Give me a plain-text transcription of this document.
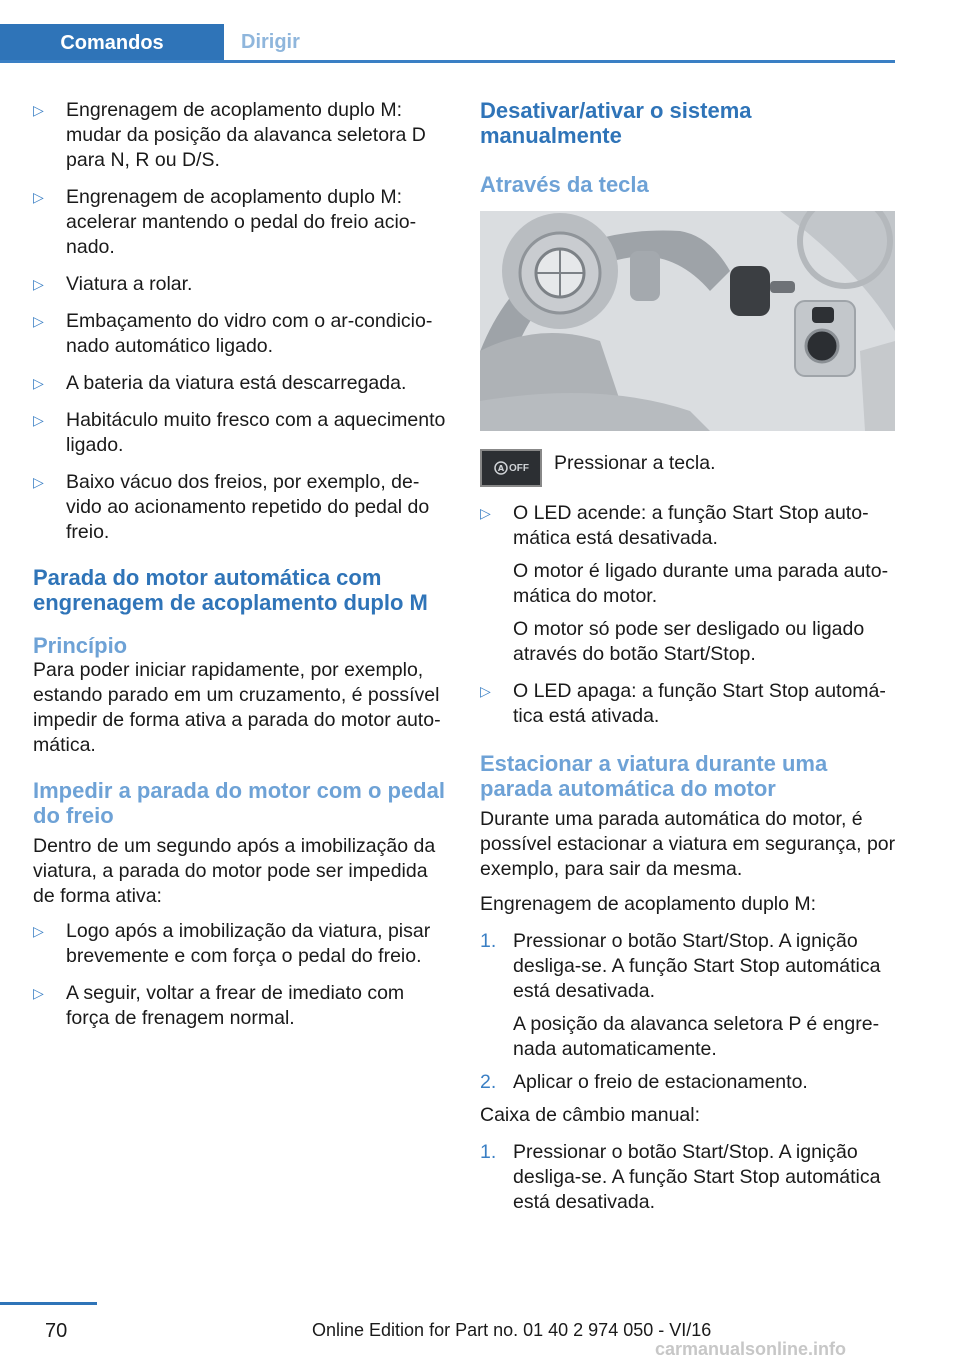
Comandos	Dirigir
▷	Engrenagem de acoplamento duplo M: mudar da posição da alavanca seletora D para N, R ou D/S.
▷	Engrenagem de acoplamento duplo M: acelerar mantendo o pedal do freio acionado.
▷	Viatura a rolar.
▷	Embaçamento do vidro com o ar-condicionado automático ligado.
▷	A bateria da viatura está descarregada.
▷	Habitáculo muito fresco com a aquecimento ligado.
▷	Baixo vácuo dos freios, por exemplo, devido ao acionamento repetido do pedal do freio.
Parada do motor automática com engrenagem de acoplamento duplo M
Princípio

Para poder iniciar rapidamente, por exemplo, estando parado em um cruzamento, é possível impedir de forma ativa a parada do motor automática.

Impedir a parada do motor com o pedal do freio

Dentro de um segundo após a imobilização da viatura, a parada do motor pode ser impedida de forma ativa:

▷	Logo após a imobilização da viatura, pisar brevemente e com força o pedal do freio.
▷	A seguir, voltar a frear de imediato com força de frenagem normal.
Desativar/ativar o sistema manualmente
Através da tecla
A OFF Pressionar a tecla.
▷	O LED acende: a função Start Stop automática está desativada.
O motor é ligado durante uma parada automática do motor.
O motor só pode ser desligado ou ligado através do botão Start/Stop.
▷	O LED apaga: a função Start Stop automática está ativada.
Estacionar a viatura durante uma parada automática do motor

Durante uma parada automática do motor, é possível estacionar a viatura em segurança, por exemplo, para sair da mesma.

Engrenagem de acoplamento duplo M:

1. Pressionar o botão Start/Stop. A ignição desliga-se. A função Start Stop automática está desativada.
A posição da alavanca seletora P é engrenada automaticamente.
2. Aplicar o freio de estacionamento.

Caixa de câmbio manual:

1. Pressionar o botão Start/Stop. A ignição desliga-se. A função Start Stop automática está desativada.
70	Online Edition for Part no. 01 40 2 974 050 - VI/16
carmanualsonline.info
